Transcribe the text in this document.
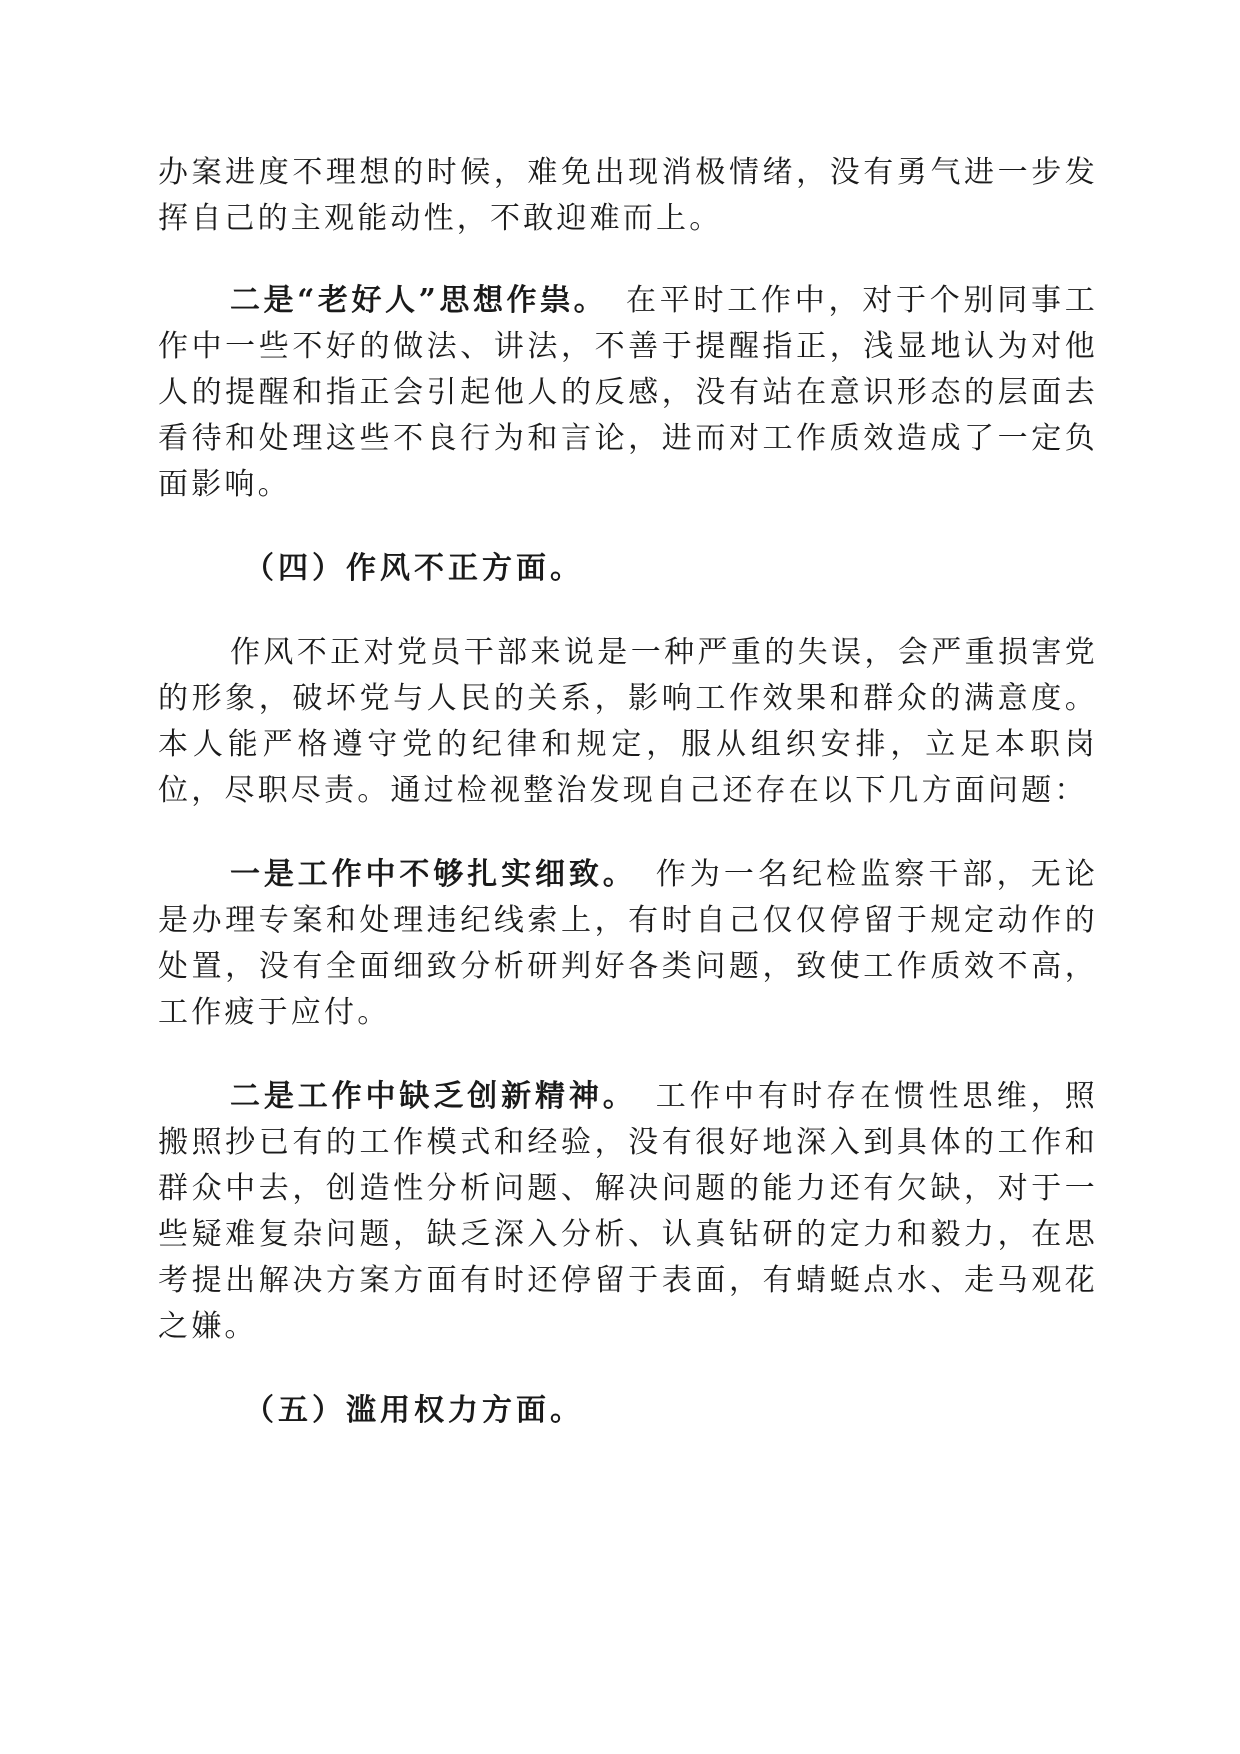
办案进度不理想的时候，难免出现消极情绪，没有勇气进一步发挥自己的主观能动性，不敢迎难而上。

二是“老好人”思想作祟。  在平时工作中，对于个别同事工作中一些不好的做法、讲法，不善于提醒指正，浅显地认为对他人的提醒和指正会引起他人的反感，没有站在意识形态的层面去看待和处理这些不良行为和言论，进而对工作质效造成了一定负面影响。

（四）作风不正方面。

作风不正对党员干部来说是一种严重的失误，会严重损害党的形象，破坏党与人民的关系，影响工作效果和群众的满意度。本人能严格遵守党的纪律和规定，服从组织安排，立足本职岗位，尽职尽责。通过检视整治发现自己还存在以下几方面问题：

一是工作中不够扎实细致。  作为一名纪检监察干部，无论是办理专案和处理违纪线索上，有时自己仅仅停留于规定动作的处置，没有全面细致分析研判好各类问题，致使工作质效不高，工作疲于应付。

二是工作中缺乏创新精神。  工作中有时存在惯性思维，照搬照抄已有的工作模式和经验，没有很好地深入到具体的工作和群众中去，创造性分析问题、解决问题的能力还有欠缺，对于一些疑难复杂问题，缺乏深入分析、认真钻研的定力和毅力，在思考提出解决方案方面有时还停留于表面，有蜻蜓点水、走马观花之嫌。

（五）滥用权力方面。
